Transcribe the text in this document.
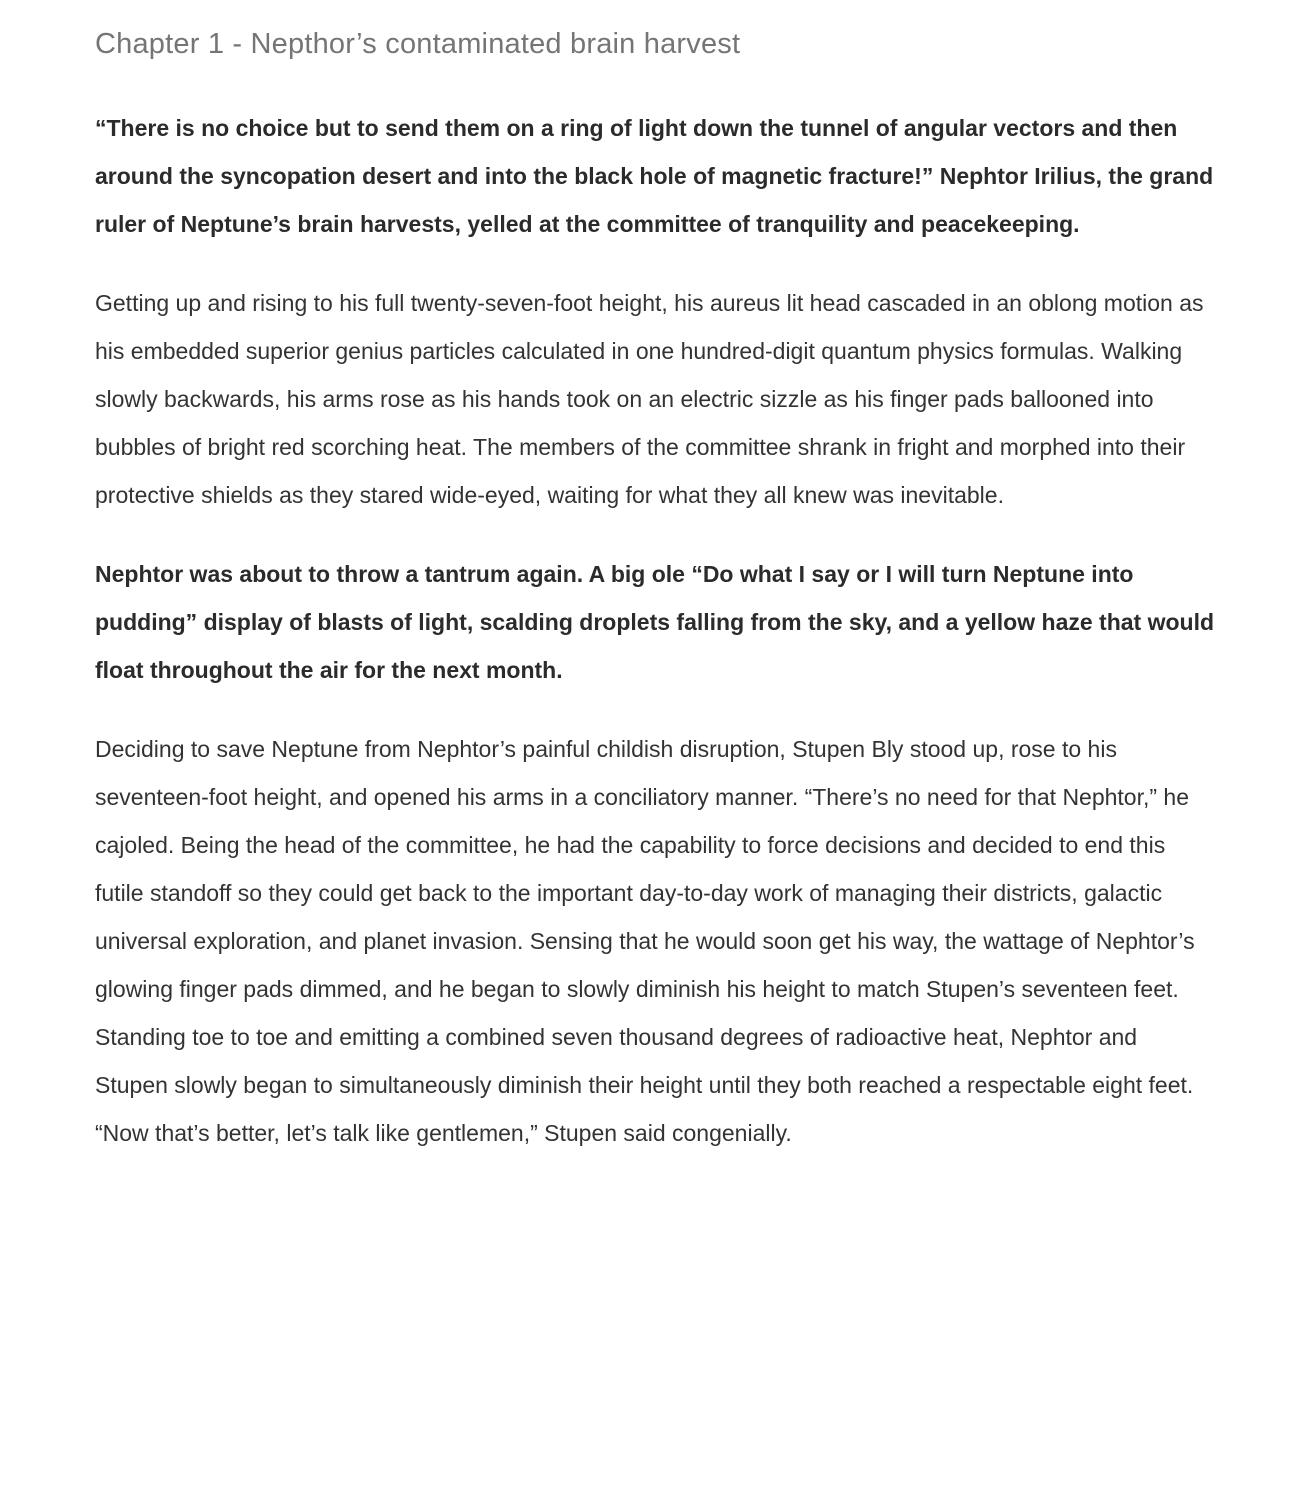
Chapter 1 - Nepthor’s contaminated brain harvest

“There is no choice but to send them on a ring of light down the tunnel of angular vectors and then around the syncopation desert and into the black hole of magnetic fracture!” Nephtor Irilius, the grand ruler of Neptune’s brain harvests, yelled at the committee of tranquility and peacekeeping.

Getting up and rising to his full twenty-seven-foot height, his aureus lit head cascaded in an oblong motion as his embedded superior genius particles calculated in one hundred-digit quantum physics formulas. Walking slowly backwards, his arms rose as his hands took on an electric sizzle as his finger pads ballooned into bubbles of bright red scorching heat. The members of the committee shrank in fright and morphed into their protective shields as they stared wide-eyed, waiting for what they all knew was inevitable.

Nephtor was about to throw a tantrum again. A big ole “Do what I say or I will turn Neptune into pudding” display of blasts of light, scalding droplets falling from the sky, and a yellow haze that would float throughout the air for the next month.

Deciding to save Neptune from Nephtor’s painful childish disruption, Stupen Bly stood up, rose to his seventeen-foot height, and opened his arms in a conciliatory manner. “There’s no need for that Nephtor,” he cajoled. Being the head of the committee, he had the capability to force decisions and decided to end this futile standoff so they could get back to the important day-to-day work of managing their districts, galactic universal exploration, and planet invasion. Sensing that he would soon get his way, the wattage of Nephtor’s glowing finger pads dimmed, and he began to slowly diminish his height to match Stupen’s seventeen feet. Standing toe to toe and emitting a combined seven thousand degrees of radioactive heat, Nephtor and Stupen slowly began to simultaneously diminish their height until they both reached a respectable eight feet. “Now that’s better, let’s talk like gentlemen,” Stupen said congenially.
